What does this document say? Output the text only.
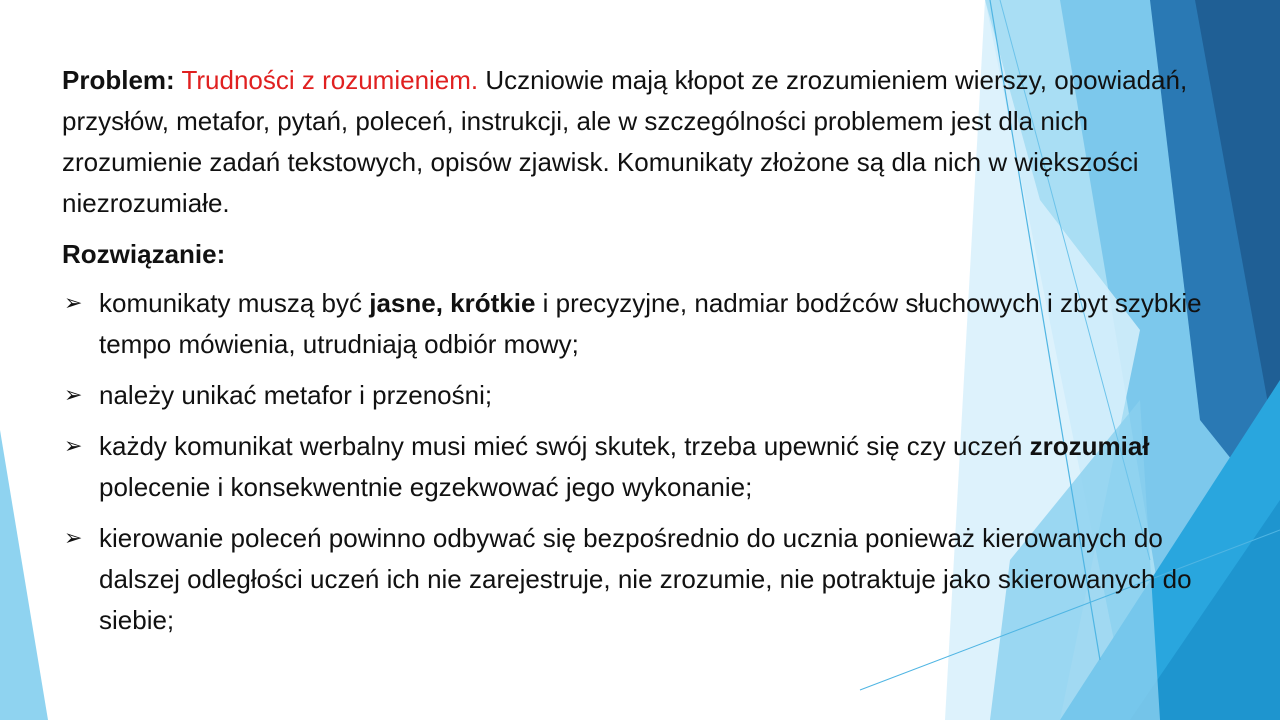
Problem: Trudności z rozumieniem. Uczniowie mają kłopot ze zrozumieniem wierszy, opowiadań, przysłów, metafor, pytań, poleceń, instrukcji, ale w szczególności problemem jest dla nich zrozumienie zadań tekstowych, opisów zjawisk. Komunikaty złożone są dla nich w większości niezrozumiałe.

Rozwiązanie:

➢ komunikaty muszą być jasne, krótkie i precyzyjne, nadmiar bodźców słuchowych i zbyt szybkie tempo mówienia, utrudniają odbiór mowy;
➢ należy unikać metafor i przenośni;
➢ każdy komunikat werbalny musi mieć swój skutek, trzeba upewnić się czy uczeń zrozumiał polecenie i konsekwentnie egzekwować jego wykonanie;
➢ kierowanie poleceń powinno odbywać się bezpośrednio do ucznia ponieważ kierowanych do dalszej odległości uczeń ich nie zarejestruje, nie zrozumie, nie potraktuje jako skierowanych do siebie;
